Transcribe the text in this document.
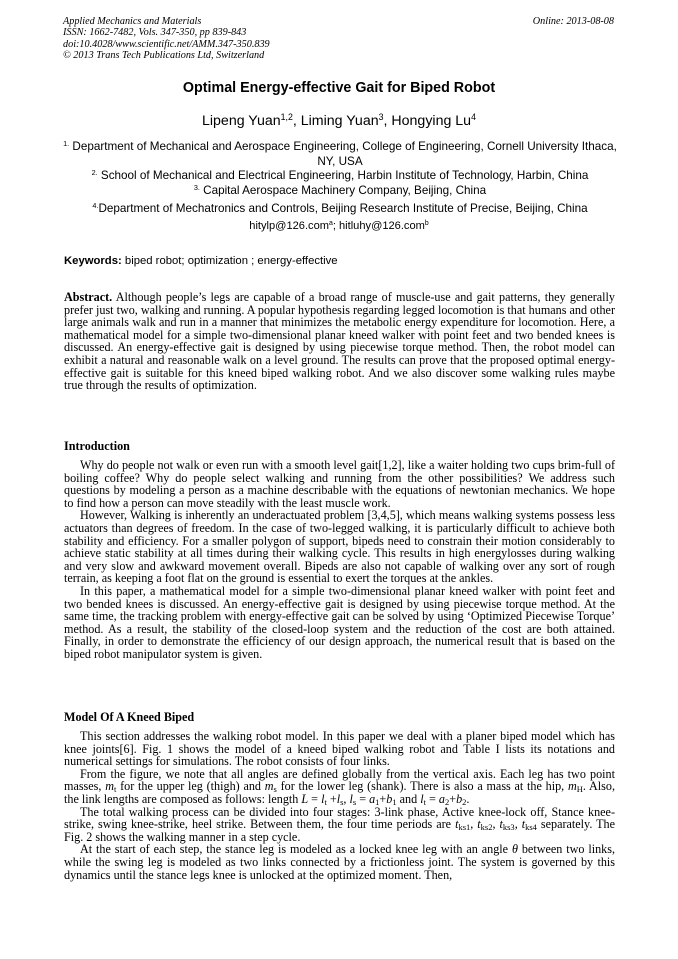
Applied Mechanics and Materials
ISSN: 1662-7482, Vols. 347-350, pp 839-843
doi:10.4028/www.scientific.net/AMM.347-350.839
© 2013 Trans Tech Publications Ltd, Switzerland
Online: 2013-08-08
Optimal Energy-effective Gait for Biped Robot
Lipeng Yuan$^{1,2}$, Liming Yuan$^3$, Hongying Lu$^4$
$^{1.}$ Department of Mechanical and Aerospace Engineering, College of Engineering, Cornell University Ithaca, NY, USA
$^{2.}$ School of Mechanical and Electrical Engineering, Harbin Institute of Technology, Harbin, China
$^{3.}$ Capital Aerospace Machinery Company, Beijing, China
$^{4.}$Department of Mechatronics and Controls, Beijing Research Institute of Precise, Beijing, China
hitylp@126.com$^a$; hitluhy@126.com$^b$
Keywords: biped robot; optimization ; energy-effective

Abstract. Although people’s legs are capable of a broad range of muscle-use and gait patterns, they generally prefer just two, walking and running. A popular hypothesis regarding legged locomotion is that humans and other large animals walk and run in a manner that minimizes the metabolic energy expenditure for locomotion. Here, a mathematical model for a simple two-dimensional planar kneed walker with point feet and two bended knees is discussed. An energy-effective gait is designed by using piecewise torque method. Then, the robot model can exhibit a natural and reasonable walk on a level ground. The results can prove that the proposed optimal energy-effective gait is suitable for this kneed biped walking robot. And we also discover some walking rules maybe true through the results of optimization.

Introduction

Why do people not walk or even run with a smooth level gait[1,2], like a waiter holding two cups brim-full of boiling coffee? Why do people select walking and running from the other possibilities? We address such questions by modeling a person as a machine describable with the equations of newtonian mechanics. We hope to find how a person can move steadily with the least muscle work.

However, Walking is inherently an underactuated problem [3,4,5], which means walking systems possess less actuators than degrees of freedom. In the case of two-legged walking, it is particularly difficult to achieve both stability and efficiency. For a smaller polygon of support, bipeds need to constrain their motion considerably to achieve static stability at all times during their walking cycle. This results in high energylosses during walking and very slow and awkward movement overall. Bipeds are also not capable of walking over any sort of rough terrain, as keeping a foot flat on the ground is essential to exert the torques at the ankles.

In this paper, a mathematical model for a simple two-dimensional planar kneed walker with point feet and two bended knees is discussed. An energy-effective gait is designed by using piecewise torque method. At the same time, the tracking problem with energy-effective gait can be solved by using ‘Optimized Piecewise Torque’ method. As a result, the stability of the closed-loop system and the reduction of the cost are both attained. Finally, in order to demonstrate the efficiency of our design approach, the numerical result that is based on the biped robot manipulator system is given.

Model Of A Kneed Biped

This section addresses the walking robot model. In this paper we deal with a planer biped model which has knee joints[6]. Fig. 1 shows the model of a kneed biped walking robot and Table I lists its notations and numerical settings for simulations. The robot consists of four links.

From the figure, we note that all angles are defined globally from the vertical axis. Each leg has two point masses, $m_t$ for the upper leg (thigh) and $m_s$ for the lower leg (shank). There is also a mass at the hip, $m_H$. Also, the link lengths are composed as follows: length $L = l_t +l_s$, $l_s = a_1+b_1$ and $l_t = a_2+b_2$.

The total walking process can be divided into four stages: 3-link phase, Active knee-lock off, Stance knee-strike, swing knee-strike, heel strike. Between them, the four time periods are $t_{ks1}$, $t_{ks2}$, $t_{ks3}$, $t_{ks4}$ separately. The Fig. 2 shows the walking manner in a step cycle.

At the start of each step, the stance leg is modeled as a locked knee leg with an angle θ between two links, while the swing leg is modeled as two links connected by a frictionless joint. The system is governed by this dynamics until the stance legs knee is unlocked at the optimized moment. Then,
